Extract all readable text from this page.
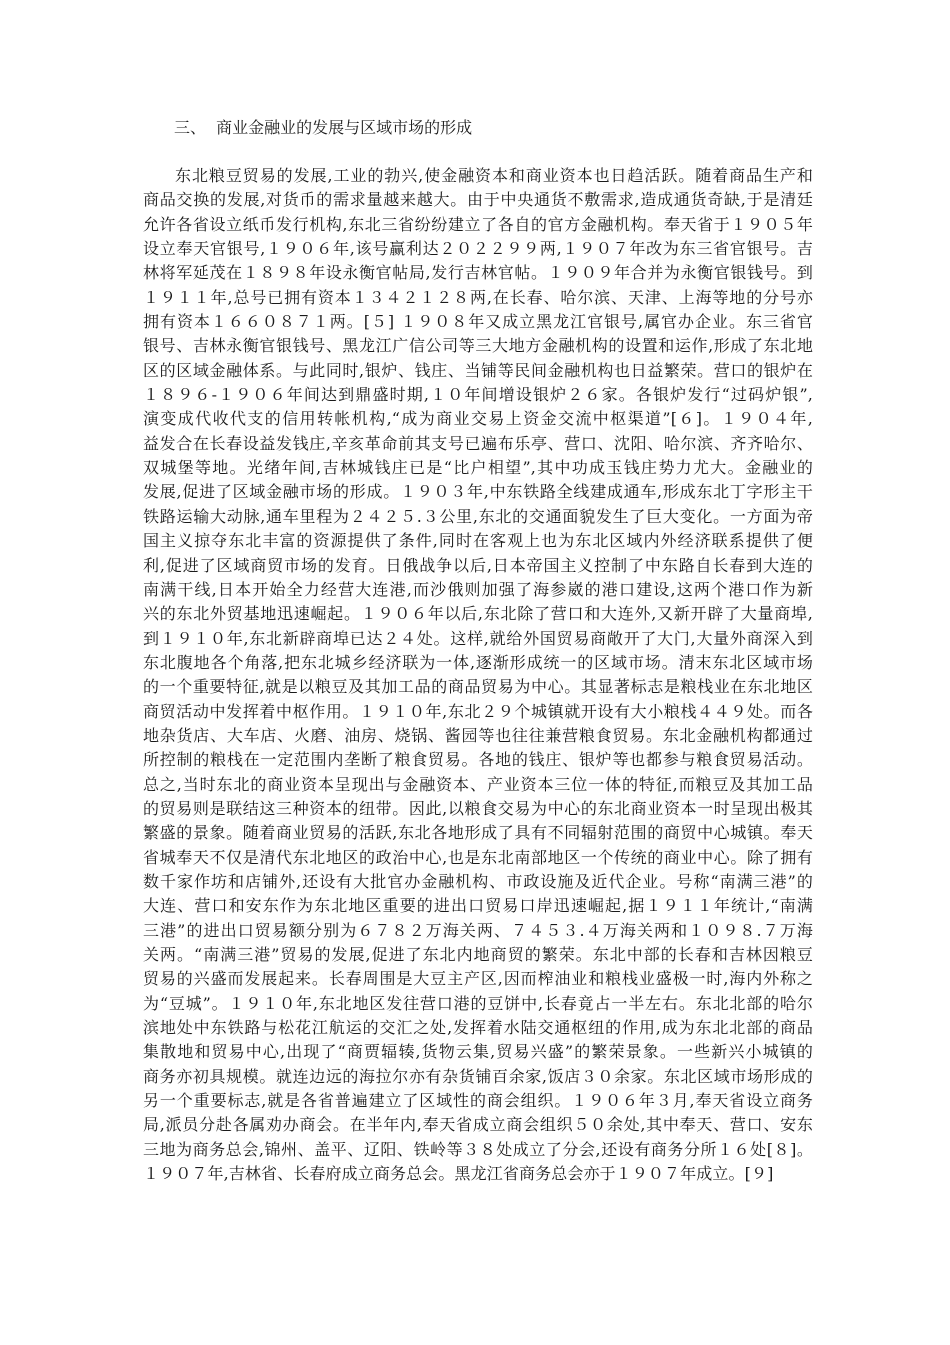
三、  商业金融业的发展与区域市场的形成
东北粮豆贸易的发展,工业的勃兴,使金融资本和商业资本也日趋活跃。随着商品生产和
商品交换的发展,对货币的需求量越来越大。由于中央通货不敷需求,造成通货奇缺,于是清廷
允许各省设立纸币发行机构,东北三省纷纷建立了各自的官方金融机构。奉天省于１９０５年
设立奉天官银号,１９０６年,该号赢利达２０２２９９两,１９０７年改为东三省官银号。吉
林将军延茂在１８９８年设永衡官帖局,发行吉林官帖。１９０９年合并为永衡官银钱号。到
１９１１年,总号已拥有资本１３４２１２８两,在长春、哈尔滨、天津、上海等地的分号亦
拥有资本１６６０８７１两。[５] １９０８年又成立黑龙江官银号,属官办企业。东三省官
银号、吉林永衡官银钱号、黑龙江广信公司等三大地方金融机构的设置和运作,形成了东北地
区的区域金融体系。与此同时,银炉、钱庄、当铺等民间金融机构也日益繁荣。营口的银炉在
１８９６-１９０６年间达到鼎盛时期,１０年间增设银炉２６家。各银炉发行“过码炉银”,
演变成代收代支的信用转帐机构,“成为商业交易上资金交流中枢渠道”[６]。１９０４年,
益发合在长春设益发钱庄,辛亥革命前其支号已遍布乐亭、营口、沈阳、哈尔滨、齐齐哈尔、
双城堡等地。光绪年间,吉林城钱庄已是“比户相望”,其中功成玉钱庄势力尤大。金融业的
发展,促进了区域金融市场的形成。１９０３年,中东铁路全线建成通车,形成东北丁字形主干
铁路运输大动脉,通车里程为２４２５.３公里,东北的交通面貌发生了巨大变化。一方面为帝
国主义掠夺东北丰富的资源提供了条件,同时在客观上也为东北区域内外经济联系提供了便
利,促进了区域商贸市场的发育。日俄战争以后,日本帝国主义控制了中东路自长春到大连的
南满干线,日本开始全力经营大连港,而沙俄则加强了海参崴的港口建设,这两个港口作为新
兴的东北外贸基地迅速崛起。１９０６年以后,东北除了营口和大连外,又新开辟了大量商埠,
到１９１０年,东北新辟商埠已达２４处。这样,就给外国贸易商敞开了大门,大量外商深入到
东北腹地各个角落,把东北城乡经济联为一体,逐渐形成统一的区域市场。清末东北区域市场
的一个重要特征,就是以粮豆及其加工品的商品贸易为中心。其显著标志是粮栈业在东北地区
商贸活动中发挥着中枢作用。１９１０年,东北２９个城镇就开设有大小粮栈４４９处。而各
地杂货店、大车店、火磨、油房、烧锅、酱园等也往往兼营粮食贸易。东北金融机构都通过
所控制的粮栈在一定范围内垄断了粮食贸易。各地的钱庄、银炉等也都参与粮食贸易活动。
总之,当时东北的商业资本呈现出与金融资本、产业资本三位一体的特征,而粮豆及其加工品
的贸易则是联结这三种资本的纽带。因此,以粮食交易为中心的东北商业资本一时呈现出极其
繁盛的景象。随着商业贸易的活跃,东北各地形成了具有不同辐射范围的商贸中心城镇。奉天
省城奉天不仅是清代东北地区的政治中心,也是东北南部地区一个传统的商业中心。除了拥有
数千家作坊和店铺外,还设有大批官办金融机构、市政设施及近代企业。号称“南满三港”的
大连、营口和安东作为东北地区重要的进出口贸易口岸迅速崛起,据１９１１年统计,“南满
三港”的进出口贸易额分别为６７８２万海关两、７４５３.４万海关两和１０９８.７万海
关两。“南满三港”贸易的发展,促进了东北内地商贸的繁荣。东北中部的长春和吉林因粮豆
贸易的兴盛而发展起来。长春周围是大豆主产区,因而榨油业和粮栈业盛极一时,海内外称之
为“豆城”。１９１０年,东北地区发往营口港的豆饼中,长春竟占一半左右。东北北部的哈尔
滨地处中东铁路与松花江航运的交汇之处,发挥着水陆交通枢纽的作用,成为东北北部的商品
集散地和贸易中心,出现了“商贾辐辏,货物云集,贸易兴盛”的繁荣景象。一些新兴小城镇的
商务亦初具规模。就连边远的海拉尔亦有杂货铺百余家,饭店３０余家。东北区域市场形成的
另一个重要标志,就是各省普遍建立了区域性的商会组织。１９０６年３月,奉天省设立商务
局,派员分赴各属劝办商会。在半年内,奉天省成立商会组织５０余处,其中奉天、营口、安东
三地为商务总会,锦州、盖平、辽阳、铁岭等３８处成立了分会,还设有商务分所１６处[８]。
１９０７年,吉林省、长春府成立商务总会。黑龙江省商务总会亦于１９０７年成立。[９]
